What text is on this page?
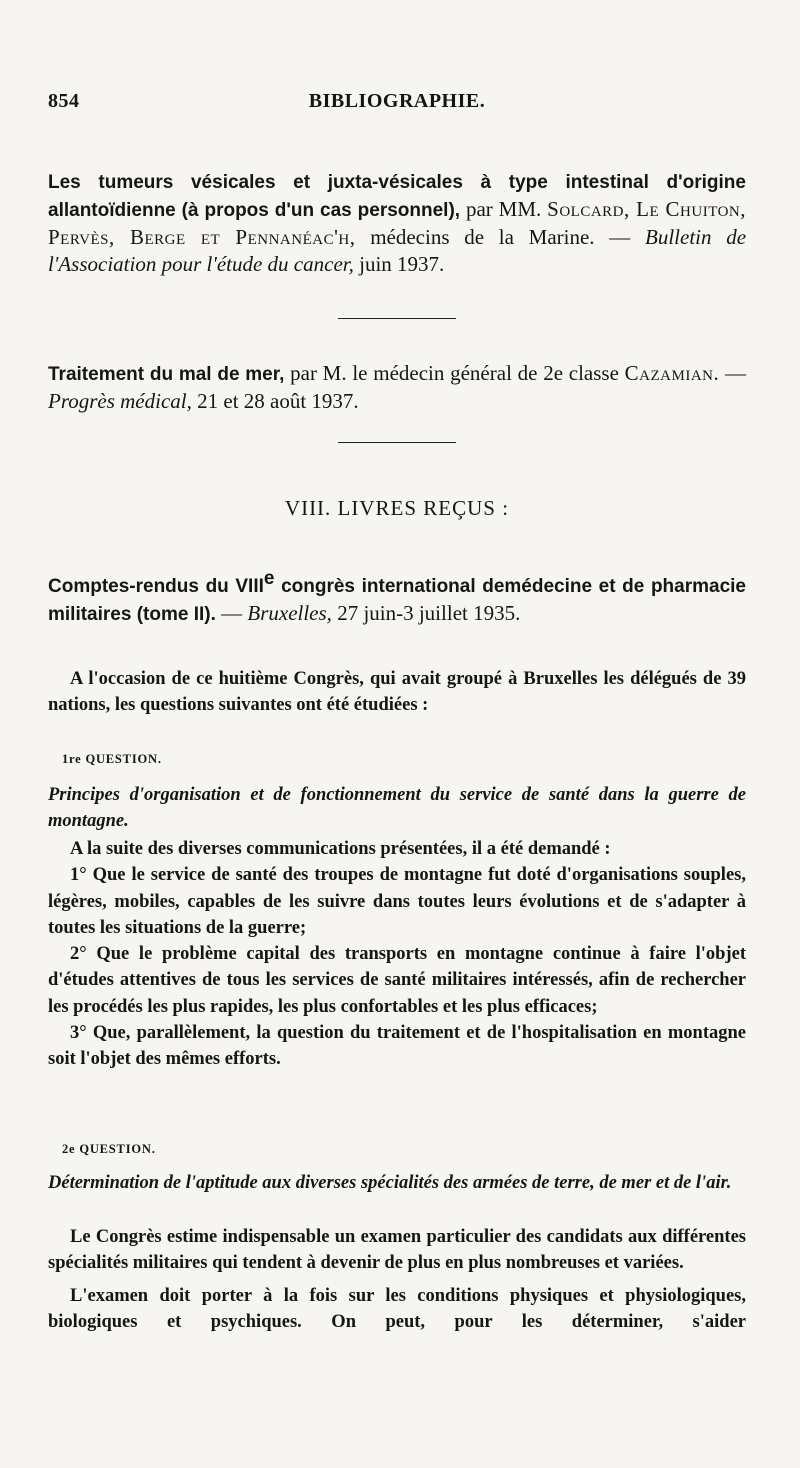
854	BIBLIOGRAPHIE.
Les tumeurs vésicales et juxta-vésicales à type intestinal d'origine allantoïdienne (à propos d'un cas personnel), par MM. Solcard, Le Chuiton, Pervès, Berge et Pennanéac'h, médecins de la Marine. — Bulletin de l'Association pour l'étude du cancer, juin 1937.
Traitement du mal de mer, par M. le médecin général de 2e classe Cazamian. — Progrès médical, 21 et 28 août 1937.
VIII. LIVRES REÇUS :
Comptes-rendus du VIIIe congrès international demédecine et de pharmacie militaires (tome II). — Bruxelles, 27 juin-3 juillet 1935.

A l'occasion de ce huitième Congrès, qui avait groupé à Bruxelles les délégués de 39 nations, les questions suivantes ont été étudiées :

1re QUESTION.
Principes d'organisation et de fonctionnement du service de santé dans la guerre de montagne.

A la suite des diverses communications présentées, il a été demandé :

1° Que le service de santé des troupes de montagne fut doté d'organisations souples, légères, mobiles, capables de les suivre dans toutes leurs évolutions et de s'adapter à toutes les situations de la guerre;

2° Que le problème capital des transports en montagne continue à faire l'objet d'études attentives de tous les services de santé militaires intéressés, afin de rechercher les procédés les plus rapides, les plus confortables et les plus efficaces;

3° Que, parallèlement, la question du traitement et de l'hospitalisation en montagne soit l'objet des mêmes efforts.

2e QUESTION.
Détermination de l'aptitude aux diverses spécialités des armées de terre, de mer et de l'air.

Le Congrès estime indispensable un examen particulier des candidats aux différentes spécialités militaires qui tendent à devenir de plus en plus nombreuses et variées.

L'examen doit porter à la fois sur les conditions physiques et physiologiques, biologiques et psychiques. On peut, pour les déterminer, s'aider
